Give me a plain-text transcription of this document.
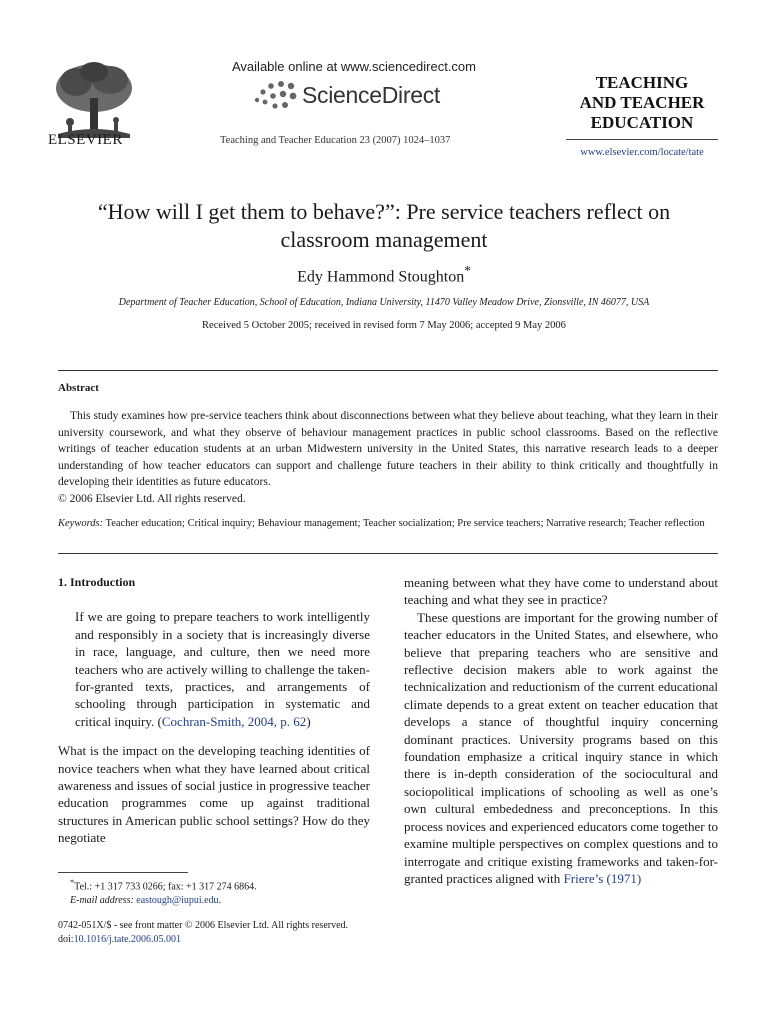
ELSEVIER
Available online at www.sciencedirect.com
ScienceDirect
Teaching and Teacher Education 23 (2007) 1024–1037
TEACHING
AND TEACHER
EDUCATION
www.elsevier.com/locate/tate
“How will I get them to behave?”: Pre service teachers reflect on
classroom management
Edy Hammond Stoughton*
Department of Teacher Education, School of Education, Indiana University, 11470 Valley Meadow Drive, Zionsville, IN 46077, USA
Received 5 October 2005; received in revised form 7 May 2006; accepted 9 May 2006
Abstract
This study examines how pre-service teachers think about disconnections between what they believe about teaching, what they learn in their university coursework, and what they observe of behaviour management practices in public school classrooms. Based on the reflective writings of teacher education students at an urban Midwestern university in the United States, this narrative research leads to a deeper understanding of how teacher educators can support and challenge future teachers in their ability to think critically and thoughtfully in developing their identities as future educators.
© 2006 Elsevier Ltd. All rights reserved.
Keywords: Teacher education; Critical inquiry; Behaviour management; Teacher socialization; Pre service teachers; Narrative research; Teacher reflection
1. Introduction
If we are going to prepare teachers to work intelligently and responsibly in a society that is increasingly diverse in race, language, and culture, then we need more teachers who are actively willing to challenge the taken-for-granted texts, practices, and arrangements of schooling through participation in systematic and critical inquiry. (Cochran-Smith, 2004, p. 62)

What is the impact on the developing teaching identities of novice teachers when what they have learned about critical awareness and issues of social justice in progressive teacher education programmes come up against traditional structures in American public school settings? How do they negotiate

meaning between what they have come to understand about teaching and what they see in practice?

These questions are important for the growing number of teacher educators in the United States, and elsewhere, who believe that preparing teachers who are sensitive and reflective decision makers able to work against the technicalization and reductionism of the current educational climate depends to a great extent on teacher education that develops a stance of thoughtful inquiry concerning dominant practices. University programs based on this foundation emphasize a critical inquiry stance in which there is in-depth consideration of the sociocultural and sociopolitical implications of schooling as well as one’s own cultural embededness and preconceptions. In this process novices and experienced educators come together to examine multiple perspectives on complex questions and to interrogate and critique existing frameworks and taken-for-granted practices aligned with Friere’s (1971)

*Tel.: +1 317 733 0266; fax: +1 317 274 6864.
E-mail address: eastough@iupui.edu.
0742-051X/$ - see front matter © 2006 Elsevier Ltd. All rights reserved.
doi:10.1016/j.tate.2006.05.001
